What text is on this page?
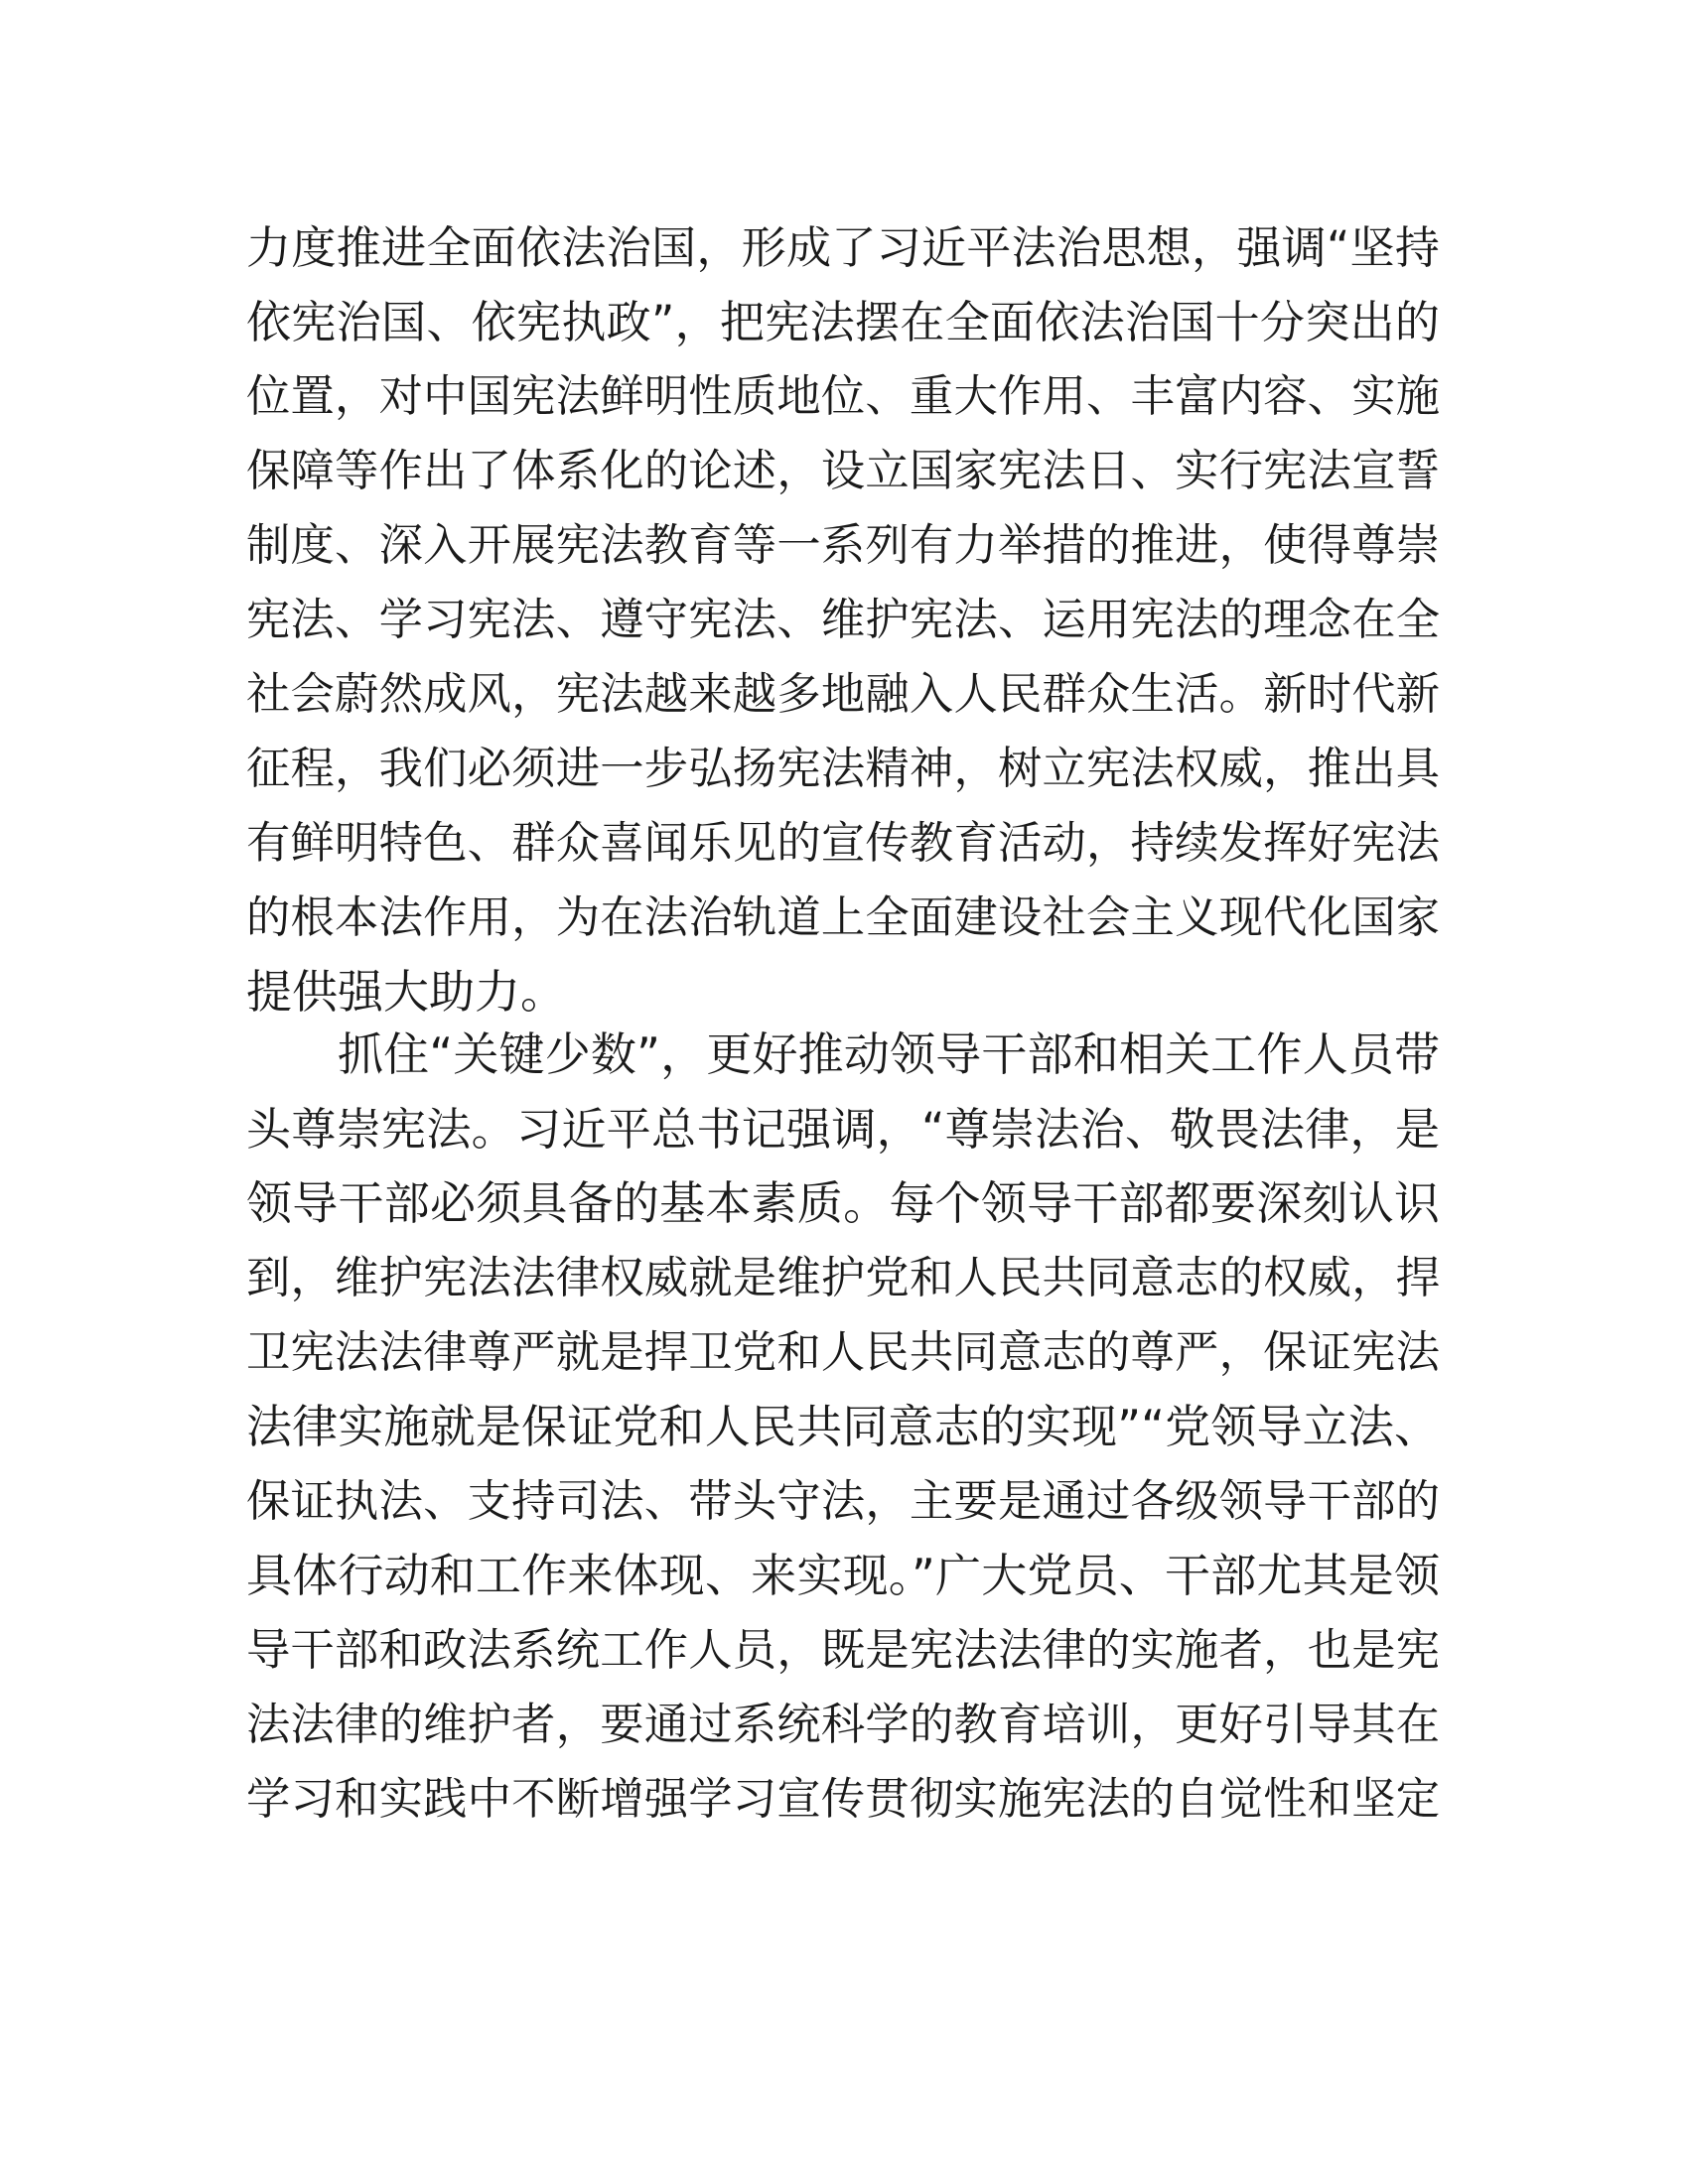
力度推进全面依法治国，形成了习近平法治思想，强调“坚持
依宪治国、依宪执政”，把宪法摆在全面依法治国十分突出的
位置，对中国宪法鲜明性质地位、重大作用、丰富内容、实施
保障等作出了体系化的论述，设立国家宪法日、实行宪法宣誓
制度、深入开展宪法教育等一系列有力举措的推进，使得尊崇
宪法、学习宪法、遵守宪法、维护宪法、运用宪法的理念在全
社会蔚然成风，宪法越来越多地融入人民群众生活。新时代新
征程，我们必须进一步弘扬宪法精神，树立宪法权威，推出具
有鲜明特色、群众喜闻乐见的宣传教育活动，持续发挥好宪法
的根本法作用，为在法治轨道上全面建设社会主义现代化国家
提供强大助力。
抓住“关键少数”，更好推动领导干部和相关工作人员带
头尊崇宪法。习近平总书记强调，“尊崇法治、敬畏法律，是
领导干部必须具备的基本素质。每个领导干部都要深刻认识
到，维护宪法法律权威就是维护党和人民共同意志的权威，捍
卫宪法法律尊严就是捍卫党和人民共同意志的尊严，保证宪法
法律实施就是保证党和人民共同意志的实现”“党领导立法、
保证执法、支持司法、带头守法，主要是通过各级领导干部的
具体行动和工作来体现、来实现。”广大党员、干部尤其是领
导干部和政法系统工作人员，既是宪法法律的实施者，也是宪
法法律的维护者，要通过系统科学的教育培训，更好引导其在
学习和实践中不断增强学习宣传贯彻实施宪法的自觉性和坚定
